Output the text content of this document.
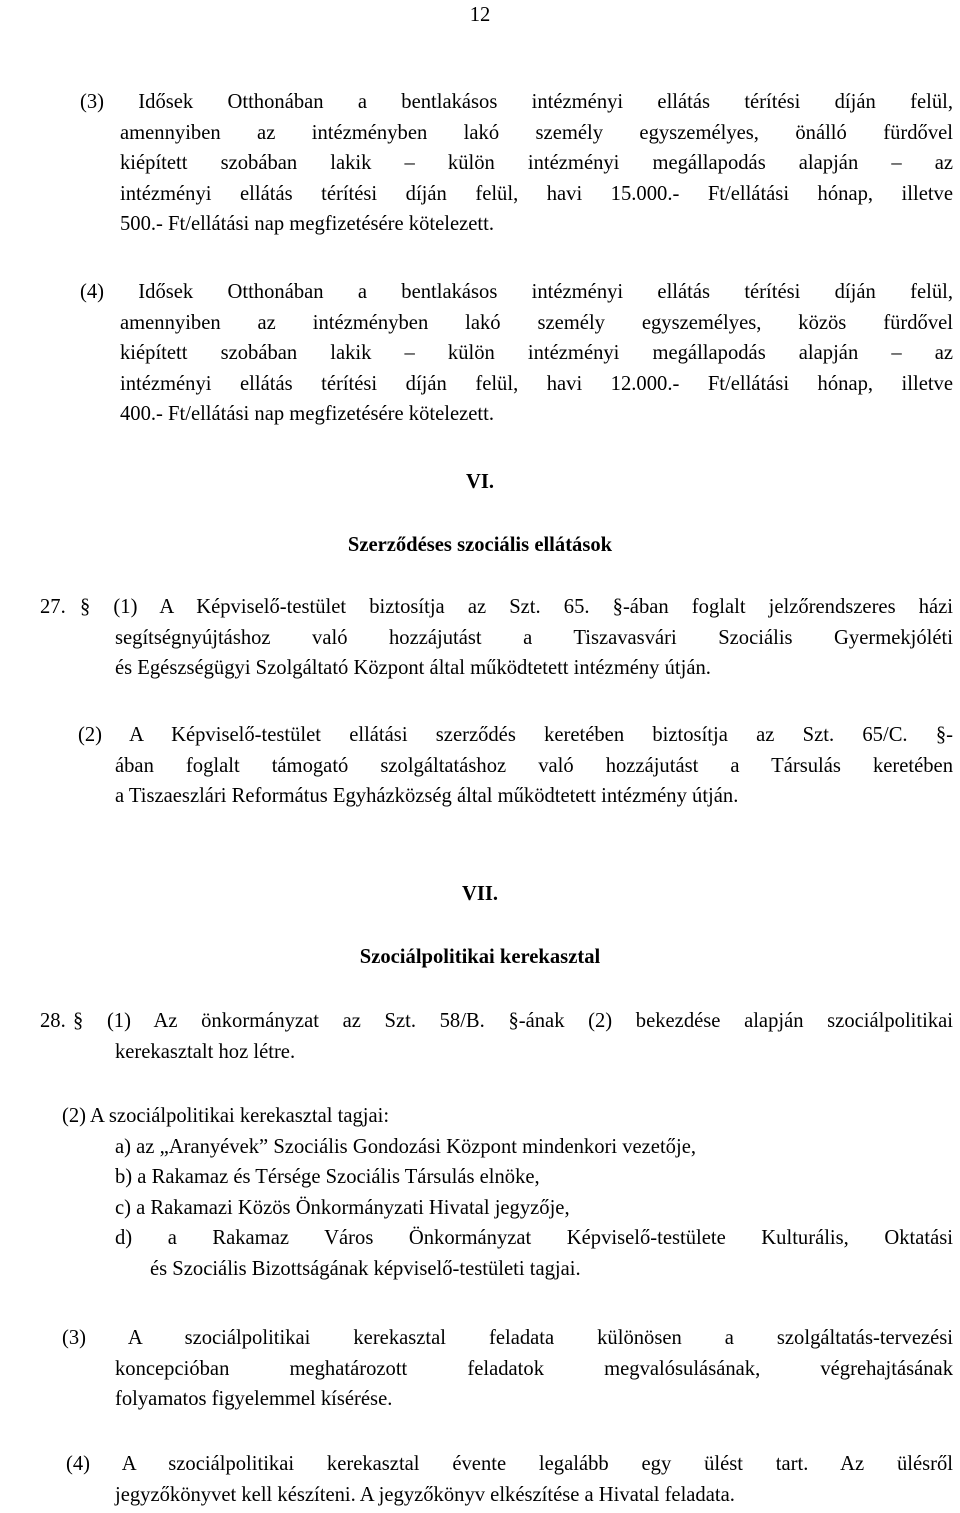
12
(3) Idősek Otthonában a bentlakásos intézményi ellátás térítési díján felül,
amennyiben az intézményben lakó személy egyszemélyes, önálló fürdővel
kiépített szobában lakik – külön intézményi megállapodás alapján – az
intézményi ellátás térítési díján felül, havi 15.000.- Ft/ellátási hónap, illetve
500.- Ft/ellátási nap megfizetésére kötelezett.
(4) Idősek Otthonában a bentlakásos intézményi ellátás térítési díján felül,
amennyiben az intézményben lakó személy egyszemélyes, közös fürdővel
kiépített szobában lakik – külön intézményi megállapodás alapján – az
intézményi ellátás térítési díján felül, havi 12.000.- Ft/ellátási hónap, illetve
400.- Ft/ellátási nap megfizetésére kötelezett.
VI.
Szerződéses szociális ellátások
27. § (1) A Képviselő-testület biztosítja az Szt. 65. §-ában foglalt jelzőrendszeres házi
segítségnyújtáshoz való hozzájutást a Tiszavasvári Szociális Gyermekjóléti
és Egészségügyi Szolgáltató Központ által működtetett intézmény útján.
(2) A Képviselő-testület ellátási szerződés keretében biztosítja az Szt. 65/C. §-
ában foglalt támogató szolgáltatáshoz való hozzájutást a Társulás keretében
a Tiszaeszlári Református Egyházközség által működtetett intézmény útján.
VII.
Szociálpolitikai kerekasztal
28. § (1) Az önkormányzat az Szt. 58/B. §-ának (2) bekezdése alapján szociálpolitikai
kerekasztalt hoz létre.
(2) A szociálpolitikai kerekasztal tagjai:
a) az „Aranyévek” Szociális Gondozási Központ mindenkori vezetője,
b) a Rakamaz és Térsége Szociális Társulás elnöke,
c) a Rakamazi Közös Önkormányzati Hivatal jegyzője,
d) a Rakamaz Város Önkormányzat Képviselő-testülete Kulturális, Oktatási
és Szociális Bizottságának képviselő-testületi tagjai.
(3) A szociálpolitikai kerekasztal feladata különösen a szolgáltatás-tervezési
koncepcióban meghatározott feladatok megvalósulásának, végrehajtásának
folyamatos figyelemmel kísérése.
(4) A szociálpolitikai kerekasztal évente legalább egy ülést tart. Az ülésről
jegyzőkönyvet kell készíteni. A jegyzőkönyv elkészítése a Hivatal feladata.
